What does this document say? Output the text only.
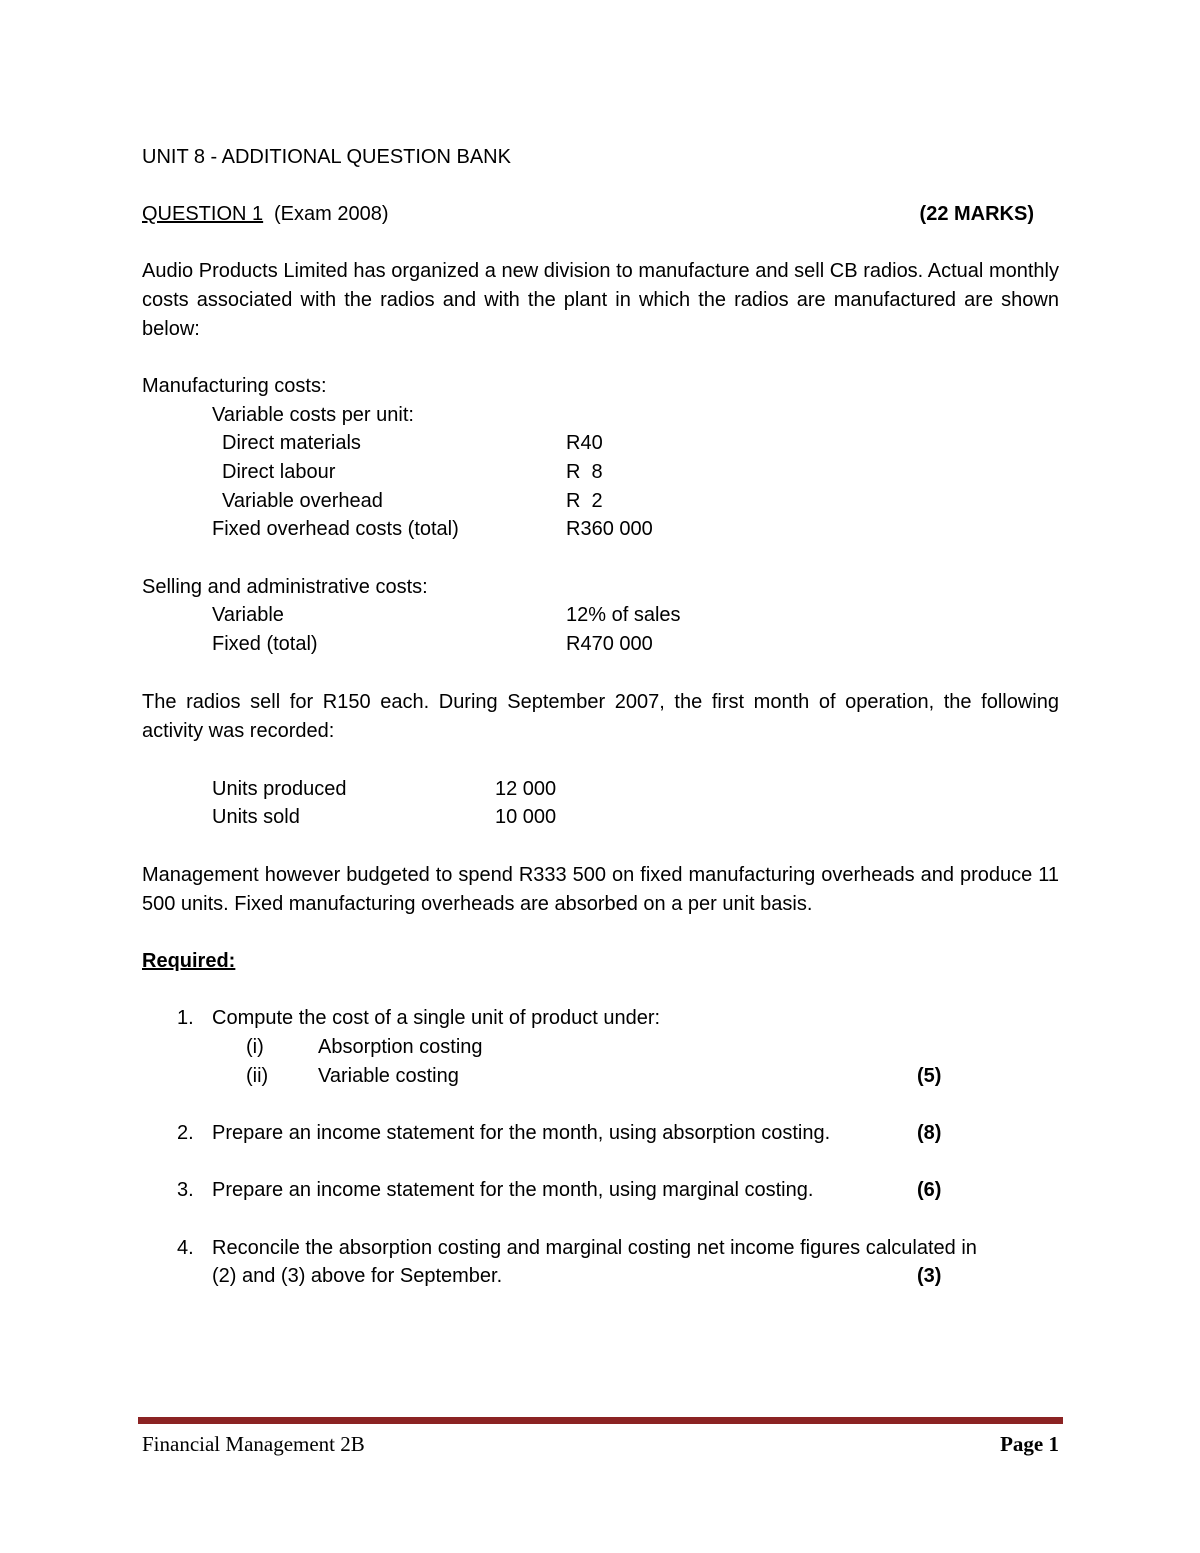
UNIT 8 - ADDITIONAL QUESTION BANK
QUESTION 1 (Exam 2008)	(22 MARKS)
Audio Products Limited has organized a new division to manufacture and sell CB radios. Actual monthly costs associated with the radios and with the plant in which the radios are manufactured are shown below:
Manufacturing costs:
Variable costs per unit:
Direct materials	R40
Direct labour	R  8
Variable overhead	R  2
Fixed overhead costs (total)	R360 000
Selling and administrative costs:
Variable	12% of sales
Fixed (total)	R470 000
The radios sell for R150 each. During September 2007, the first month of operation, the following activity was recorded:
Units produced	12 000
Units sold	10 000
Management however budgeted to spend R333 500 on fixed manufacturing overheads and produce 11 500 units. Fixed manufacturing overheads are absorbed on a per unit basis.
Required:
1. Compute the cost of a single unit of product under:
(i)	Absorption costing
(ii) Variable costing	(5)
2. Prepare an income statement for the month, using absorption costing.	(8)
3. Prepare an income statement for the month, using marginal costing.	(6)
4. Reconcile the absorption costing and marginal costing net income figures calculated in
(2) and (3) above for September.	(3)
Financial Management 2B	Page 1
